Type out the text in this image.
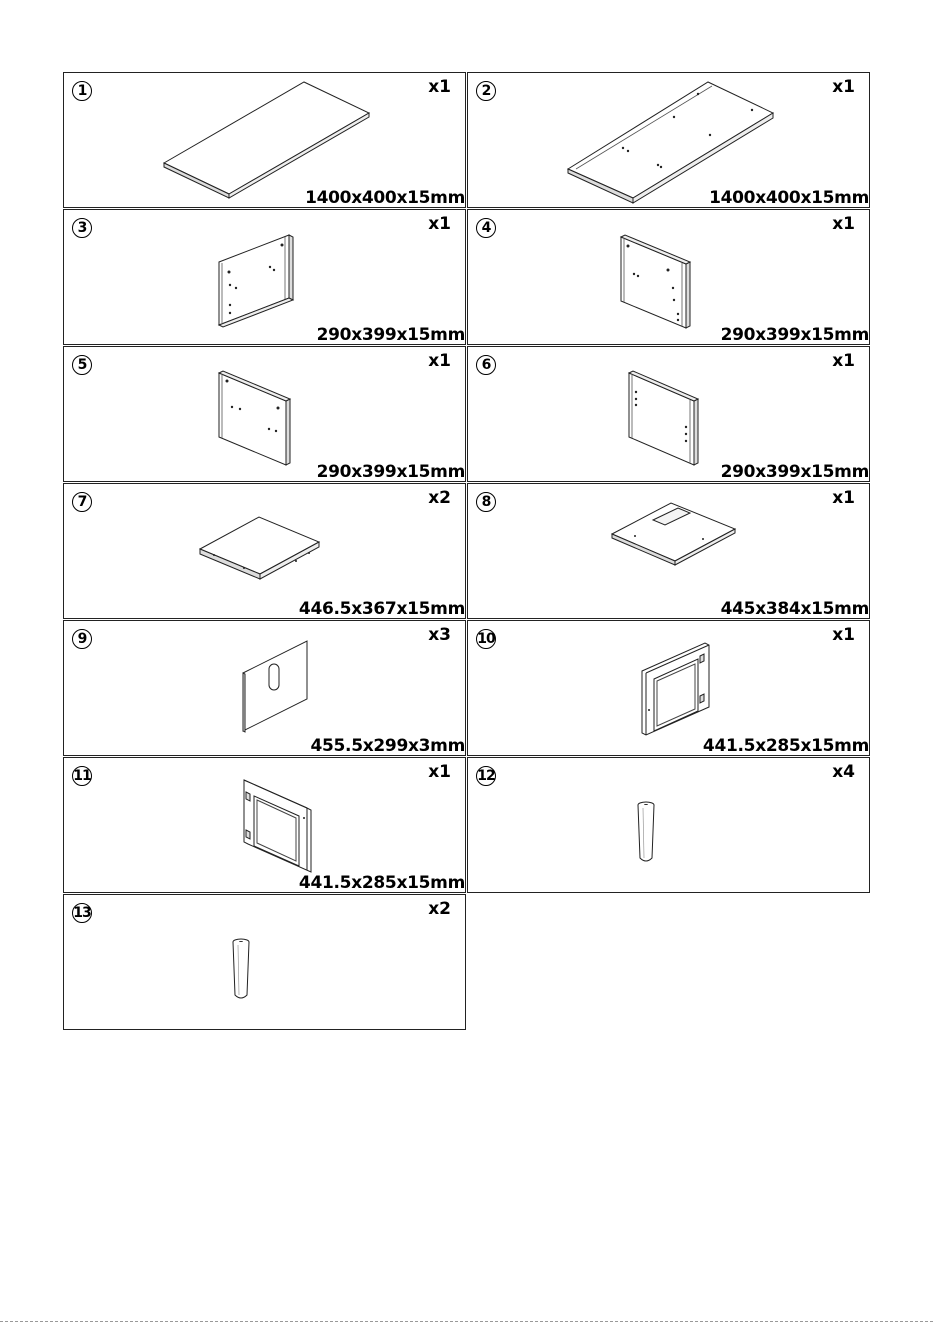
1	x1
1400x400x15mm
2	x1
1400x400x15mm
3	x1
290x399x15mm
4	x1
290x399x15mm
5	x1
290x399x15mm
6	x1
290x399x15mm
7	x2
446.5x367x15mm
8	x1
445x384x15mm
9	x3
455.5x299x3mm
10	x1
441.5x285x15mm
11	x1
441.5x285x15mm
12	x4
13	x2
